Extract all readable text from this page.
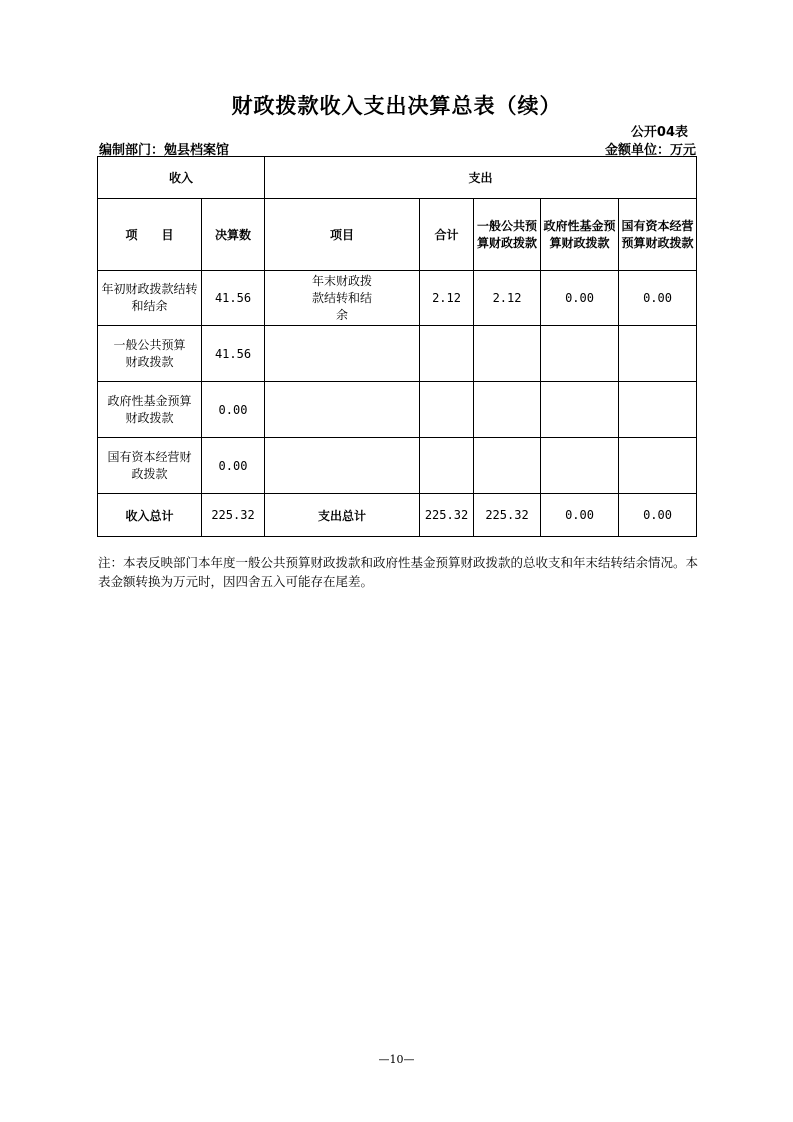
财政拨款收入支出决算总表（续）
公开04表
编制部门：勉县档案馆	金额单位：万元
收入		支出				
项　　目	决算数	项目	合计	一般公共预算财政拨款	政府性基金预算财政拨款	国有资本经营预算财政拨款
年初财政拨款结转和结余	41.56	年末财政拨款结转和结余	2.12	2.12	0.00	0.00
一般公共预算财政拨款	41.56					
政府性基金预算财政拨款	0.00					
国有资本经营财政拨款	0.00					
收入总计	225.32	支出总计	225.32	225.32	0.00	0.00
注：本表反映部门本年度一般公共预算财政拨款和政府性基金预算财政拨款的总收支和年末结转结余情况。本表金额转换为万元时，因四舍五入可能存在尾差。
—10—
